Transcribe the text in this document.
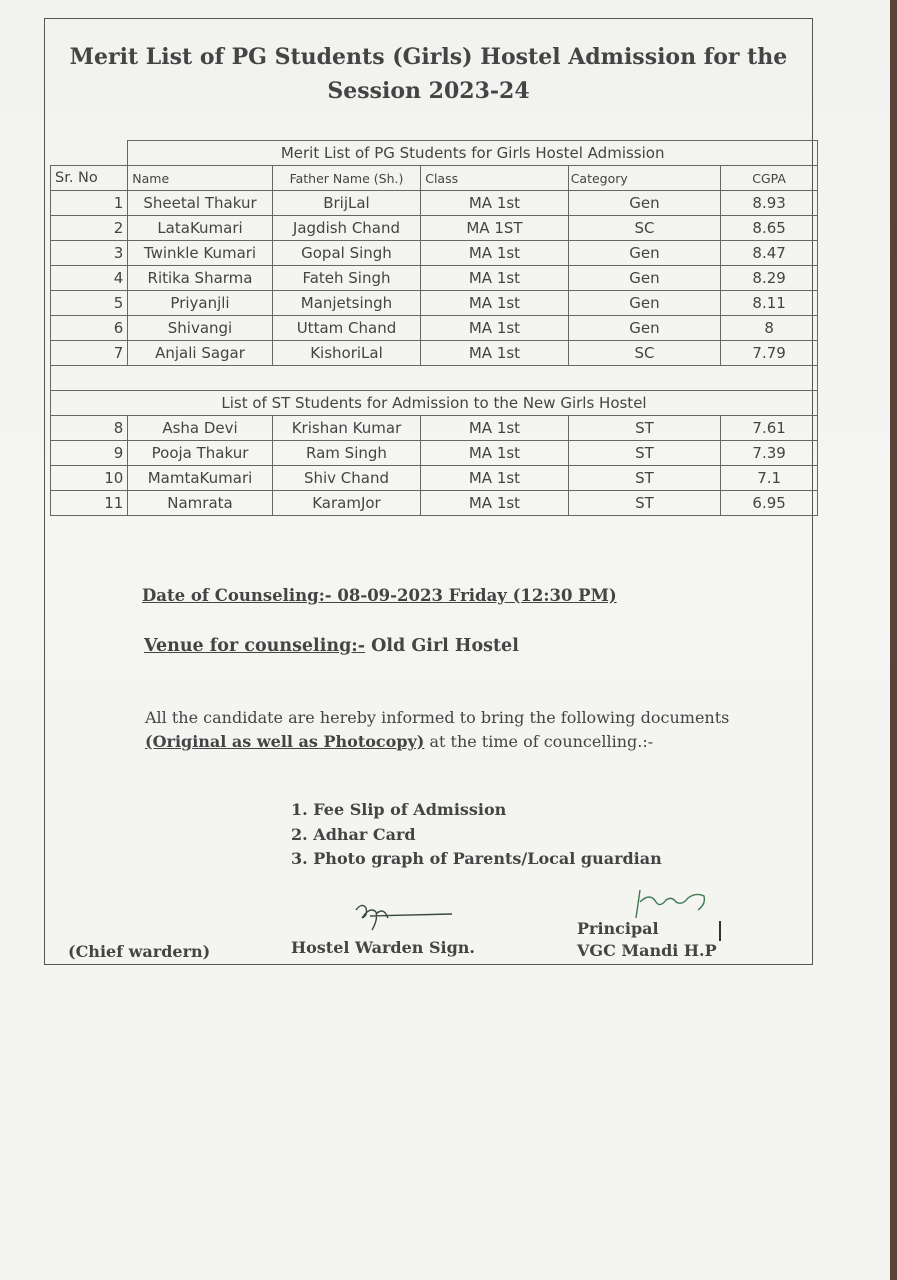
Merit List of PG Students (Girls) Hostel Admission for the
Session 2023-24
	Merit List of PG Students for Girls Hostel Admission				
Sr. No	Name	Father Name (Sh.)	Class	Category	CGPA
1	Sheetal Thakur	BrijLal	MA 1st	Gen	8.93
2	LataKumari	Jagdish Chand	MA 1ST	SC	8.65
3	Twinkle Kumari	Gopal Singh	MA 1st	Gen	8.47
4	Ritika Sharma	Fateh Singh	MA 1st	Gen	8.29
5	Priyanjli	Manjetsingh	MA 1st	Gen	8.11
6	Shivangi	Uttam Chand	MA 1st	Gen	8
7	Anjali Sagar	KishoriLal	MA 1st	SC	7.79

List of ST Students for Admission to the New Girls Hostel					
8	Asha Devi	Krishan Kumar	MA 1st	ST	7.61
9	Pooja Thakur	Ram Singh	MA 1st	ST	7.39
10	MamtaKumari	Shiv Chand	MA 1st	ST	7.1
11	Namrata	KaramJor	MA 1st	ST	6.95
Date of Counseling:- 08-09-2023 Friday (12:30 PM)
Venue for counseling:- Old Girl Hostel
All the candidate are hereby informed to bring the following documents
(Original as well as Photocopy) at the time of councelling.:-
1. Fee Slip of Admission
2. Adhar Card
3. Photo graph of Parents/Local guardian
(Chief wardern)	Hostel Warden Sign.
Principal
VGC Mandi H.P
